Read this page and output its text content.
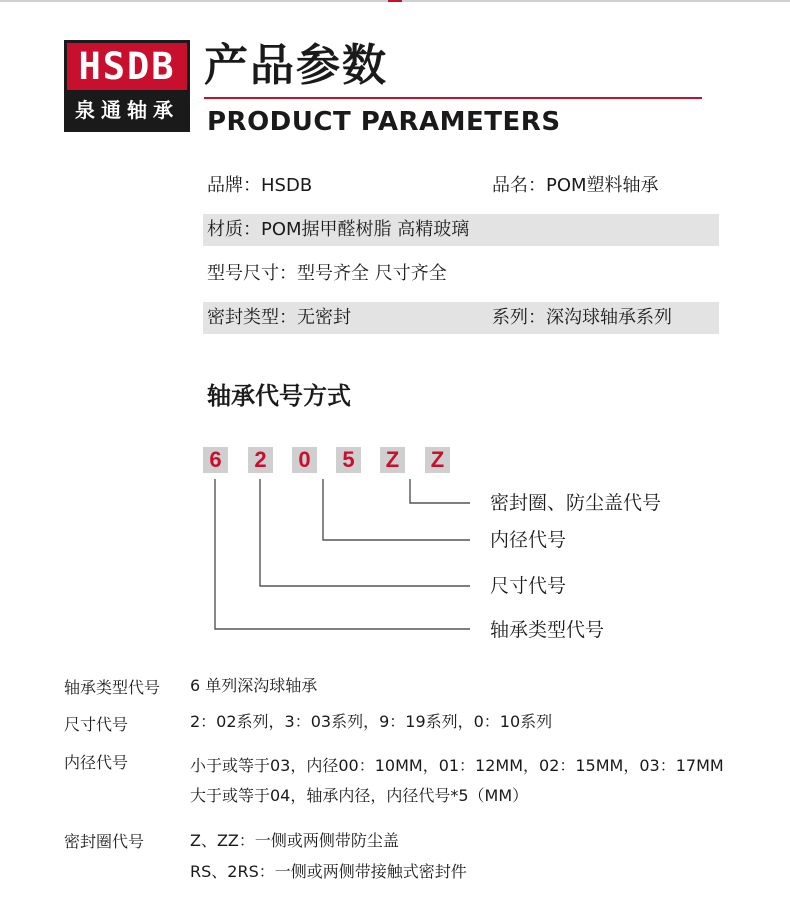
HSDB
泉通轴承
产品参数
PRODUCT PARAMETERS
品牌：HSDB	品名：POM塑料轴承
材质：POM据甲醛树脂 高精玻璃
型号尺寸：型号齐全 尺寸齐全
密封类型：无密封	系列：深沟球轴承系列
轴承代号方式
6 2 0 5 Z Z
密封圈、防尘盖代号
内径代号
尺寸代号
轴承类型代号
轴承类型代号 6 单列深沟球轴承
尺寸代号	2：02系列，3：03系列，9：19系列，0：10系列
内径代号	小于或等于03，内径00：10MM，01：12MM，02：15MM，03：17MM
大于或等于04，轴承内径，内径代号*5（MM）
密封圈代号	Z、ZZ：一侧或两侧带防尘盖
RS、2RS：一侧或两侧带接触式密封件
